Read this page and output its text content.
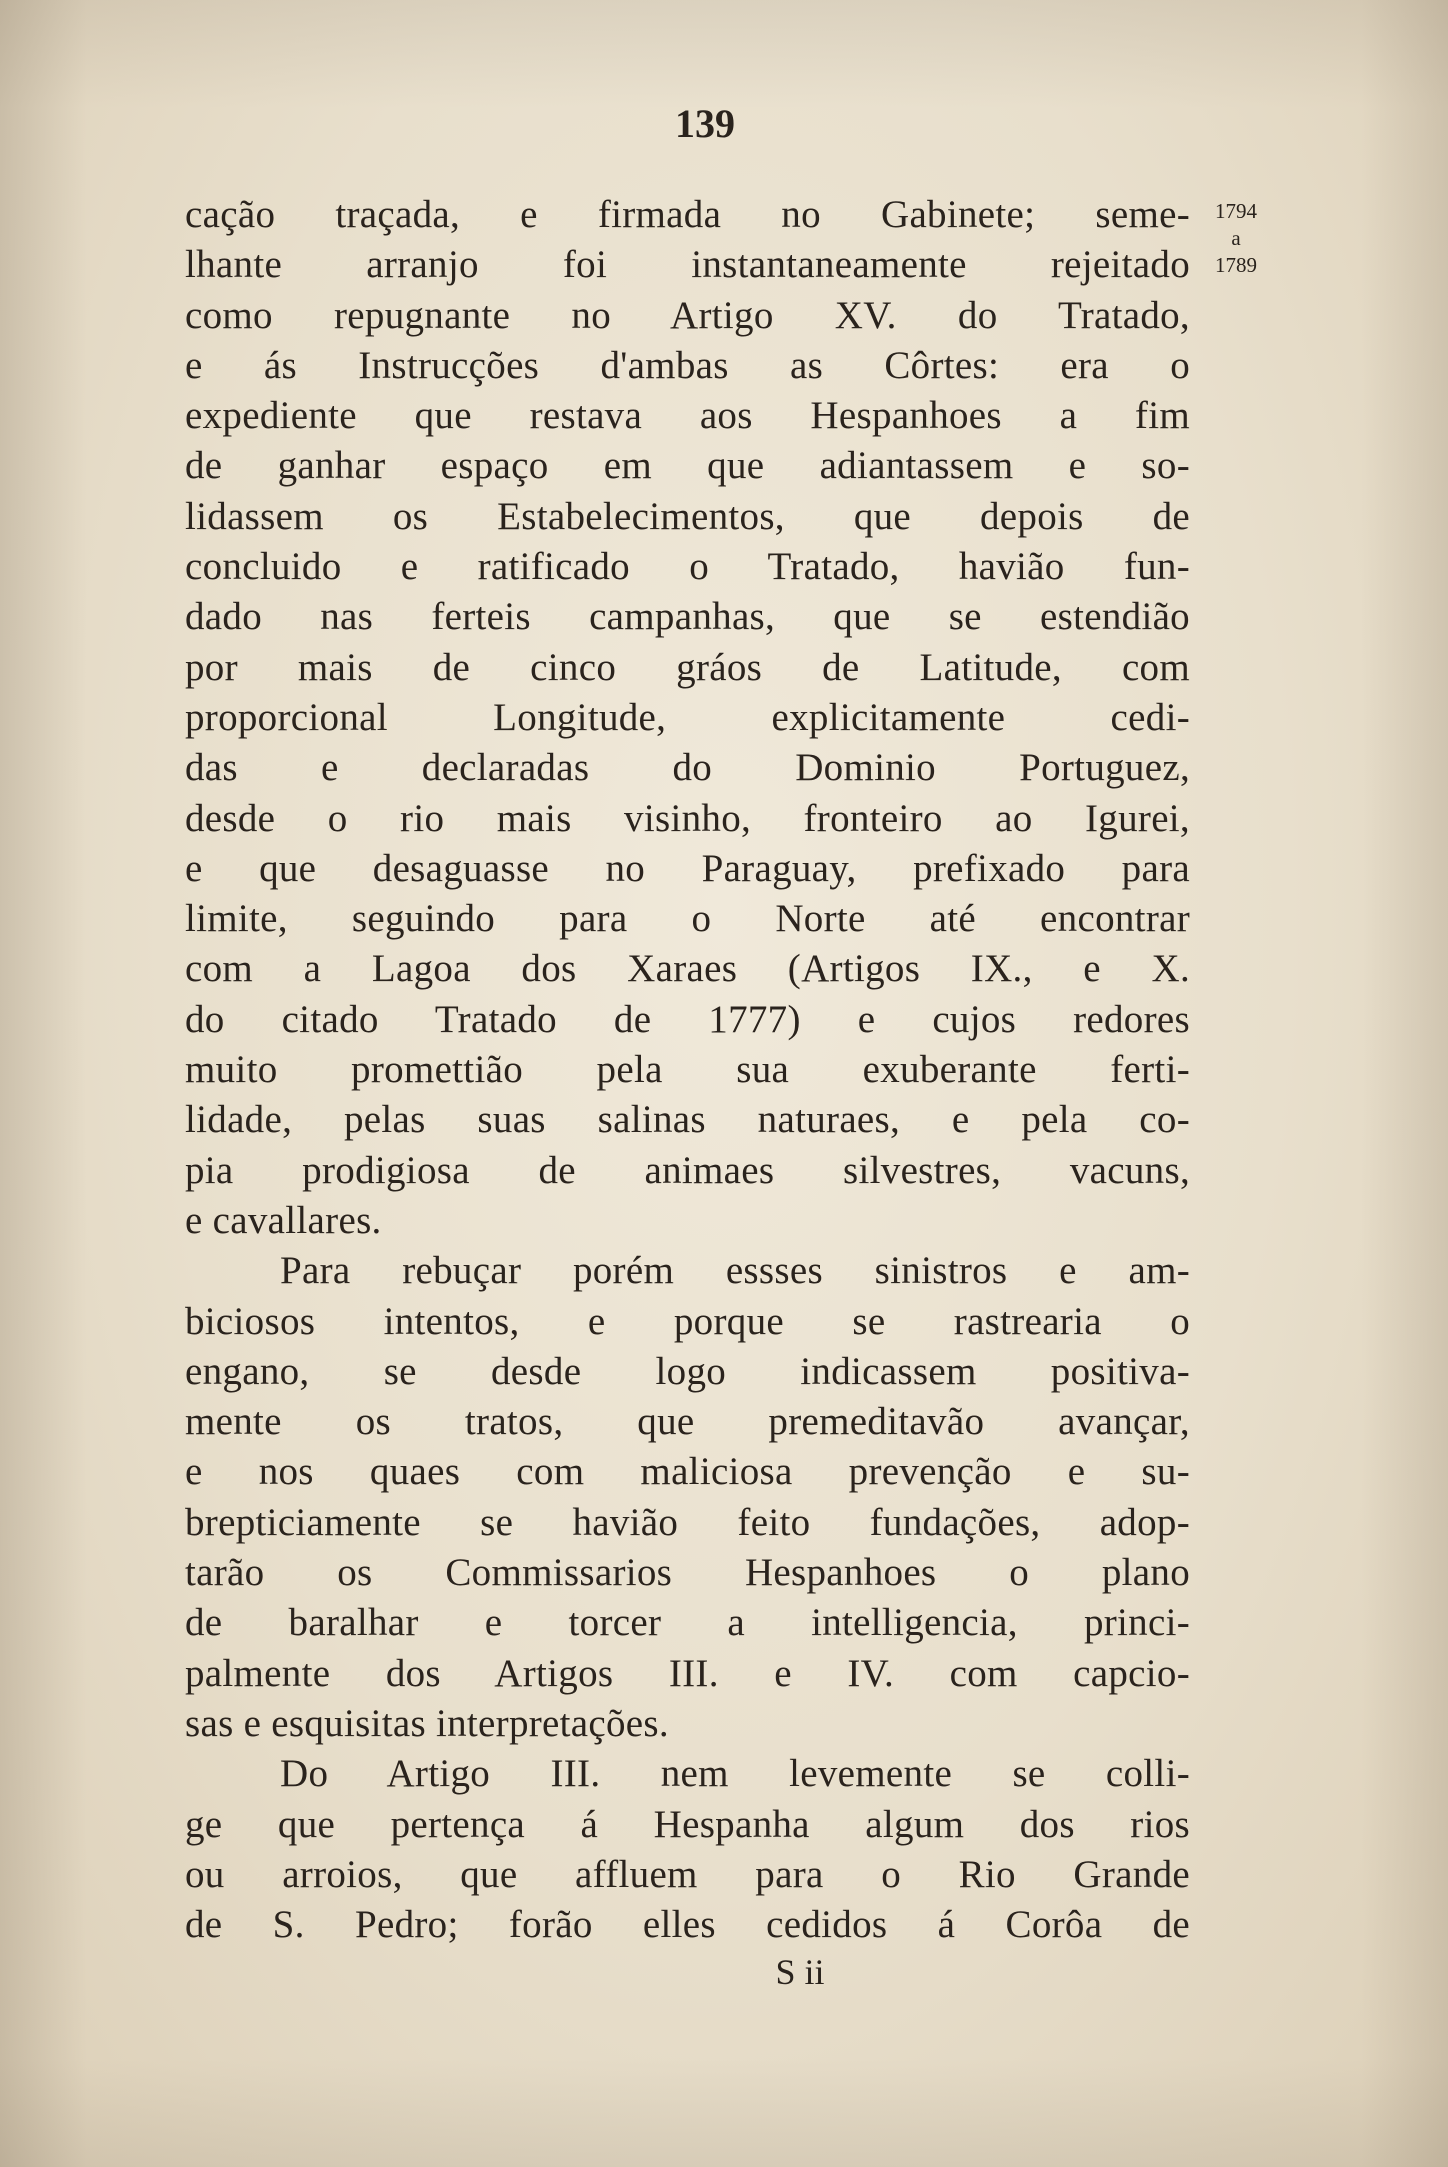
139
1794
a
1789
cação traçada, e firmada no Gabinete; seme-
lhante arranjo foi instantaneamente rejeitado
como repugnante no Artigo XV. do Tratado,
e ás Instrucções d'ambas as Côrtes: era o
expediente que restava aos Hespanhoes a fim
de ganhar espaço em que adiantassem e so-
lidassem os Estabelecimentos, que depois de
concluido e ratificado o Tratado, havião fun-
dado nas ferteis campanhas, que se estendião
por mais de cinco gráos de Latitude, com
proporcional Longitude, explicitamente cedi-
das e declaradas do Dominio Portuguez,
desde o rio mais visinho, fronteiro ao Igurei,
e que desaguasse no Paraguay, prefixado para
limite, seguindo para o Norte até encontrar
com a Lagoa dos Xaraes (Artigos IX., e X.
do citado Tratado de 1777) e cujos redores
muito promettião pela sua exuberante ferti-
lidade, pelas suas salinas naturaes, e pela co-
pia prodigiosa de animaes silvestres, vacuns,
e cavallares.
Para rebuçar porém essses sinistros e am-
biciosos intentos, e porque se rastrearia o
engano, se desde logo indicassem positiva-
mente os tratos, que premeditavão avançar,
e nos quaes com maliciosa prevenção e su-
brepticiamente se havião feito fundações, adop-
tarão os Commissarios Hespanhoes o plano
de baralhar e torcer a intelligencia, princi-
palmente dos Artigos III. e IV. com capcio-
sas e esquisitas interpretações.
Do Artigo III. nem levemente se colli-
ge que pertença á Hespanha algum dos rios
ou arroios, que affluem para o Rio Grande
de S. Pedro; forão elles cedidos á Corôa de
S ii
